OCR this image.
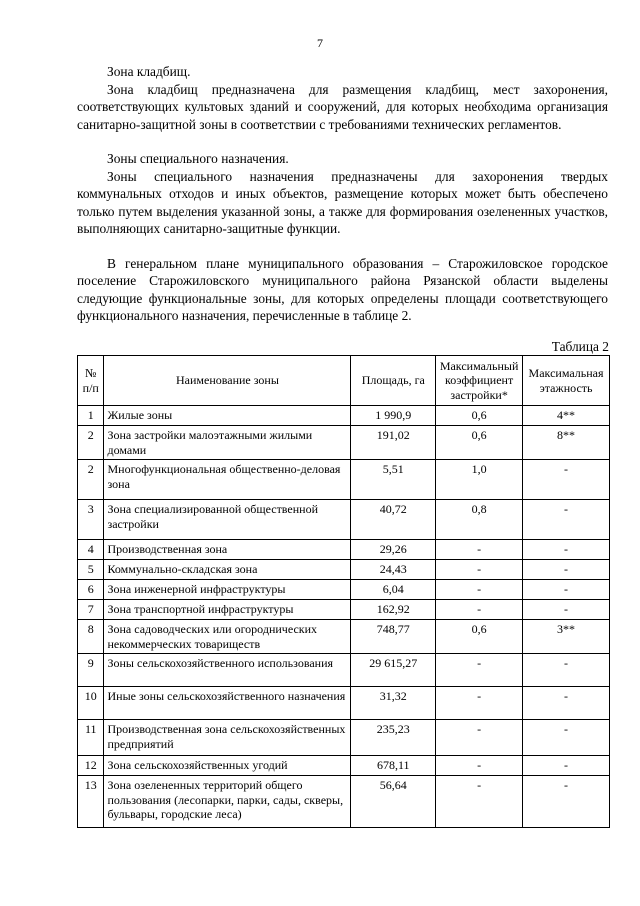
7

Зона кладбищ.

Зона кладбищ предназначена для размещения кладбищ, мест захоронения, соответствующих культовых зданий и сооружений, для которых необходима организация санитарно-защитной зоны в соответствии с требованиями технических регламентов.

Зоны специального назначения.

Зоны специального назначения предназначены для захоронения твердых коммунальных отходов и иных объектов, размещение которых может быть обеспечено только путем выделения указанной зоны, а также для формирования озелененных участков, выполняющих санитарно-защитные функции.

В генеральном плане муниципального образования – Старожиловское городское поселение Старожиловского муниципального района Рязанской области выделены следующие функциональные зоны, для которых определены площади соответствующего функционального назначения, перечисленные в таблице 2.

Таблица 2
№ п/п	Наименование зоны	Площадь, га	Максимальный коэффициент застройки*	Максимальная этажность
1	Жилые зоны	1 990,9	0,6	4**
2	Зона застройки малоэтажными жилыми домами	191,02	0,6	8**
2	Многофункциональная общественно-деловая зона	5,51	1,0	-
3	Зона специализированной общественной застройки	40,72	0,8	-
4	Производственная зона	29,26	-	-
5	Коммунально-складская зона	24,43	-	-
6	Зона инженерной инфраструктуры	6,04	-	-
7	Зона транспортной инфраструктуры	162,92	-	-
8	Зона садоводческих или огороднических некоммерческих товариществ	748,77	0,6	3**
9	Зоны сельскохозяйственного использования	29 615,27	-	-
10	Иные зоны сельскохозяйственного назначения	31,32	-	-
11	Производственная зона сельскохозяйственных предприятий	235,23	-	-
12	Зона сельскохозяйственных угодий	678,11	-	-
13	Зона озелененных территорий общего пользования (лесопарки, парки, сады, скверы, бульвары, городские леса)	56,64	-	-
